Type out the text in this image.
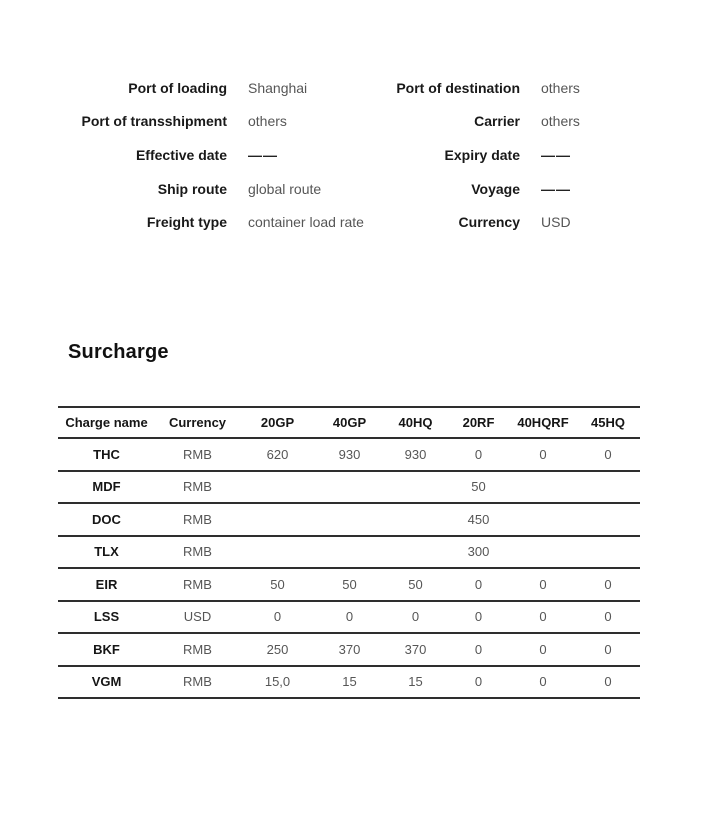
Port of loading	Shanghai	Port of destination	others
Port of transshipment	others	Carrier	others
Effective date	——	Expiry date	——
Ship route	global route	Voyage	——
Freight type	container load rate	Currency	USD
Surcharge
Charge name	Currency	20GP	40GP	40HQ	20RF	40HQRF	45HQ
THC	RMB	620	930	930	0	0	0
MDF	RMB				50		
DOC	RMB				450		
TLX	RMB				300		
EIR	RMB	50	50	50	0	0	0
LSS	USD	0	0	0	0	0	0
BKF	RMB	250	370	370	0	0	0
VGM	RMB	15,0	15	15	0	0	0
